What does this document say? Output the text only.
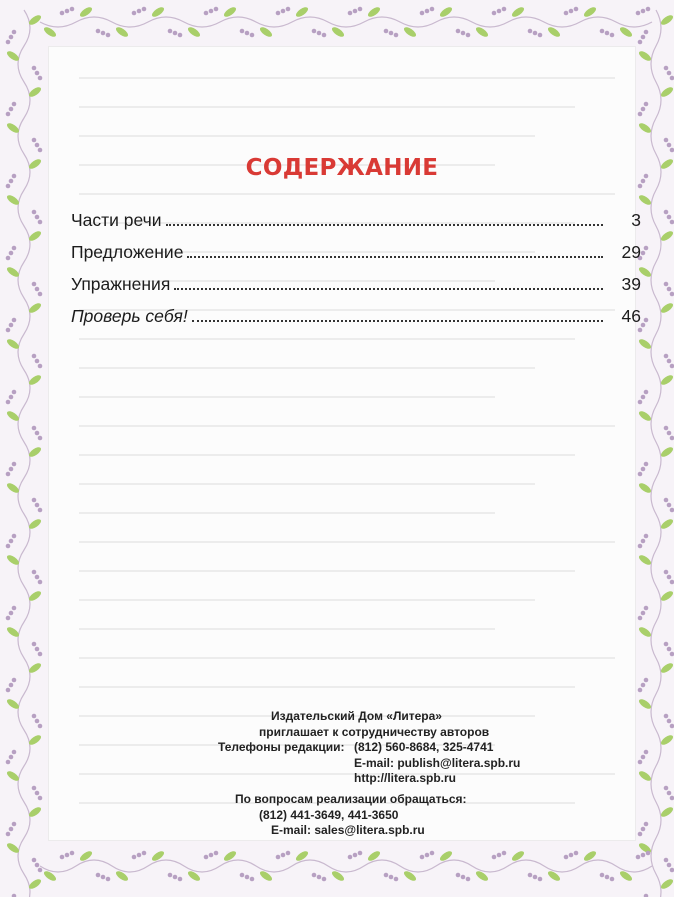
СОДЕРЖАНИЕ
Части речи	3
Предложение	29
Упражнения	39
Проверь себя!	46
Издательский Дом «Литера»
приглашает к сотрудничеству авторов
Телефоны редакции: (812) 560-8684, 325-4741
E-mail: publish@litera.spb.ru
http://litera.spb.ru
По вопросам реализации обращаться:
(812) 441-3649, 441-3650
E-mail: sales@litera.spb.ru
